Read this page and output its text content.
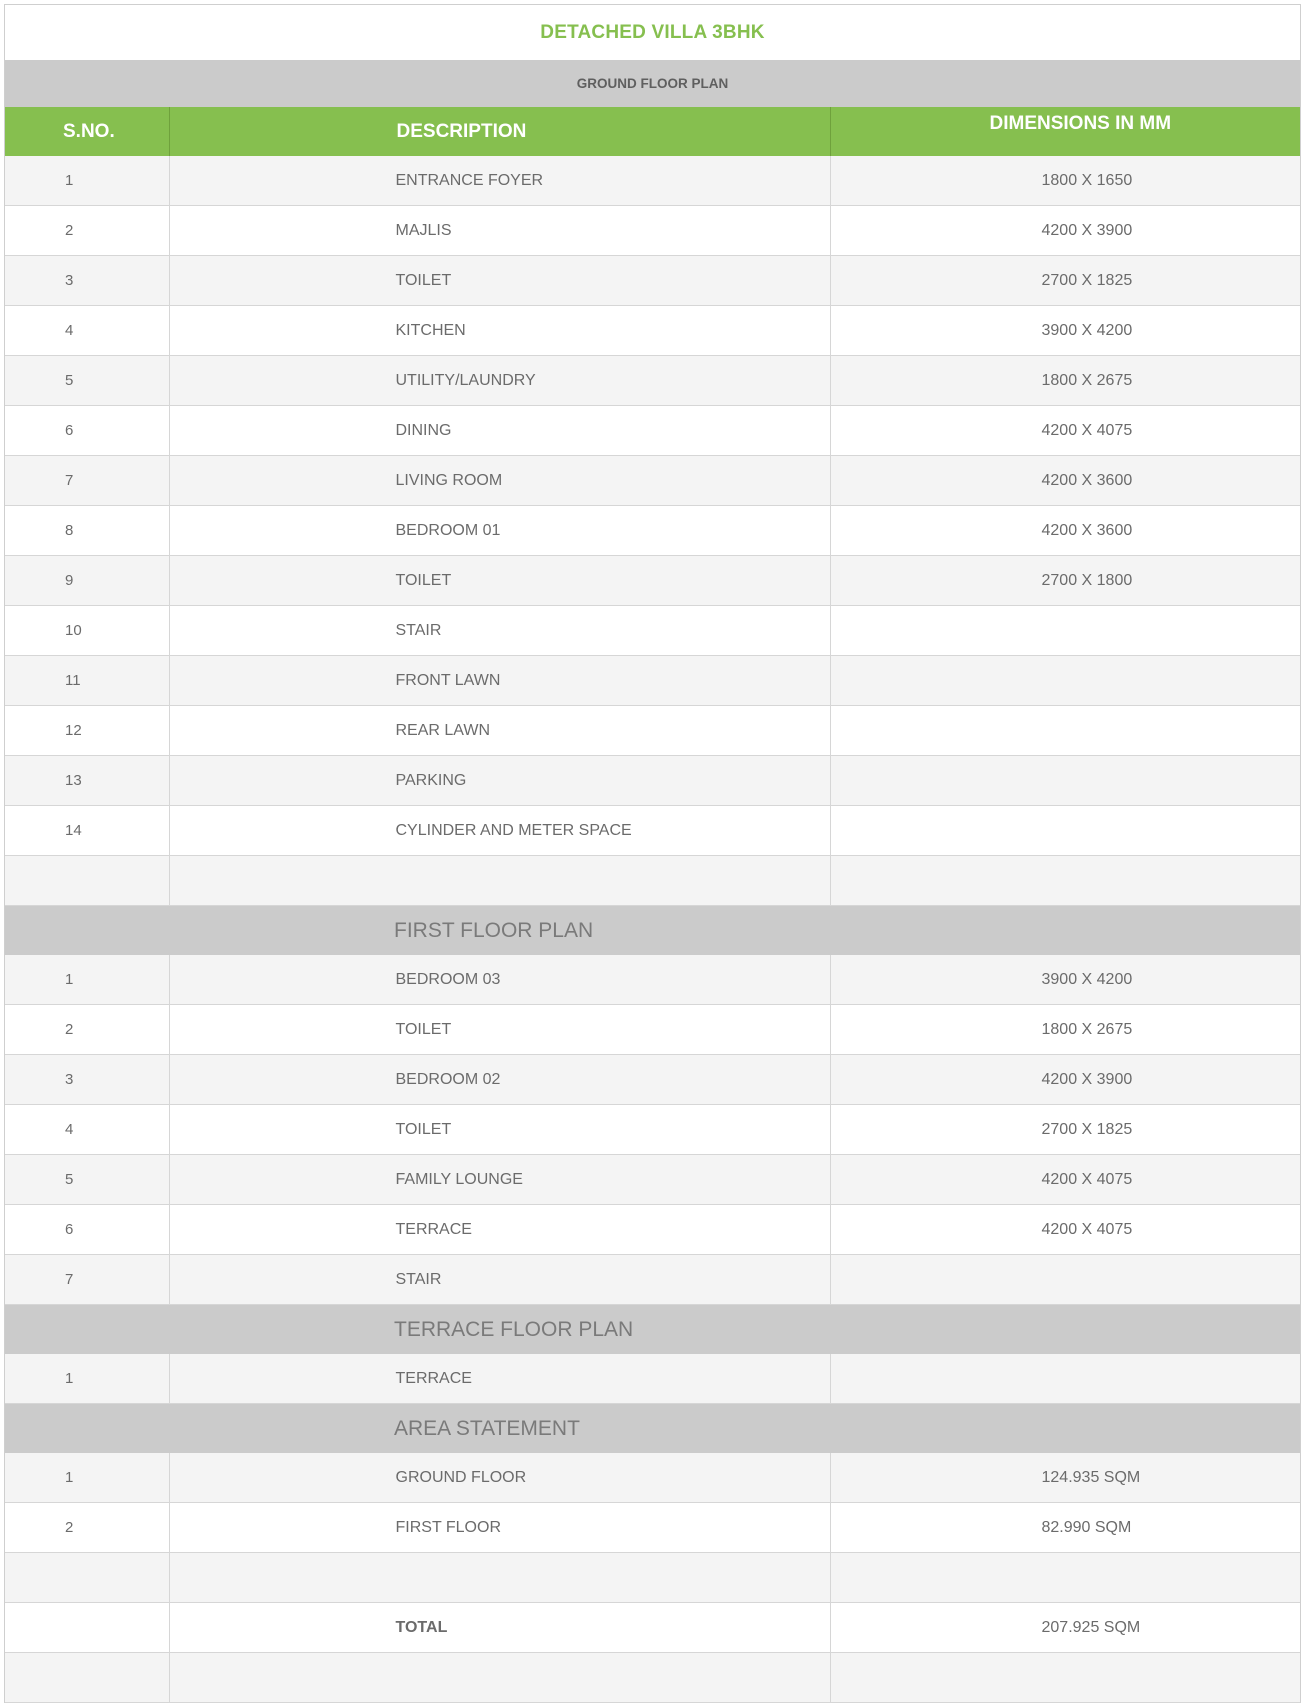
DETACHED VILLA 3BHK
GROUND FLOOR PLAN
S.NO.	DESCRIPTION	DIMENSIONS IN MM
1	ENTRANCE FOYER	1800 X 1650
2	MAJLIS	4200 X 3900
3	TOILET	2700 X 1825
4	KITCHEN	3900 X 4200
5	UTILITY/LAUNDRY	1800 X 2675
6	DINING	4200 X 4075
7	LIVING ROOM	4200 X 3600
8	BEDROOM 01	4200 X 3600
9	TOILET	2700 X 1800
10	STAIR	
11	FRONT LAWN	
12	REAR LAWN	
13	PARKING	
14	CYLINDER AND METER SPACE	

FIRST FLOOR PLAN		
1	BEDROOM 03	3900 X 4200
2	TOILET	1800 X 2675
3	BEDROOM 02	4200 X 3900
4	TOILET	2700 X 1825
5	FAMILY LOUNGE	4200 X 4075
6	TERRACE	4200 X 4075
7	STAIR	
TERRACE FLOOR PLAN		
1	TERRACE	
AREA STATEMENT		
1	GROUND FLOOR	124.935 SQM
2	FIRST FLOOR	82.990 SQM

	TOTAL	207.925 SQM
